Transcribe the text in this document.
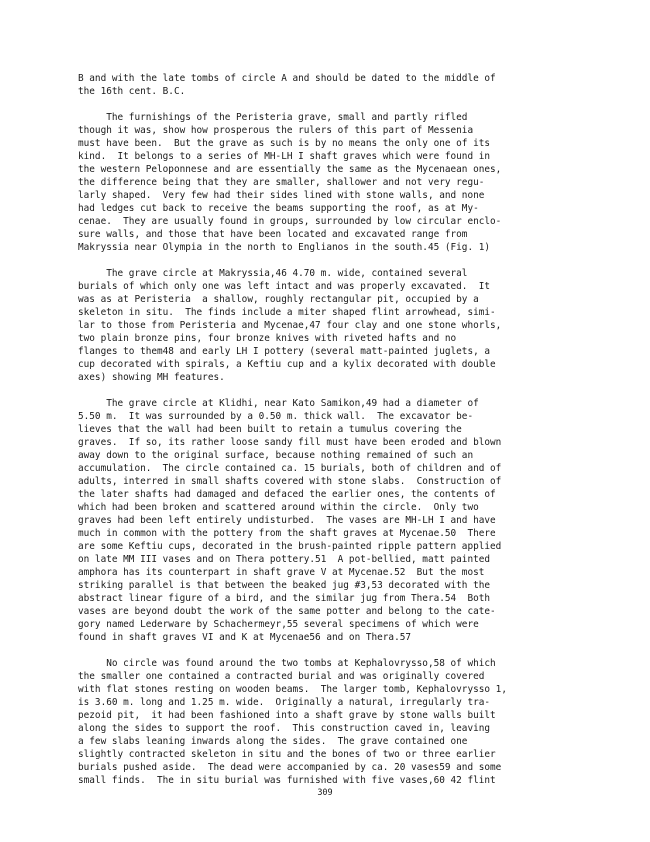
B and with the late tombs of circle A and should be dated to the middle of
the 16th cent. B.C.
The furnishings of the Peristeria grave, small and partly rifled
though it was, show how prosperous the rulers of this part of Messenia
must have been.  But the grave as such is by no means the only one of its
kind.  It belongs to a series of MH-LH I shaft graves which were found in
the western Peloponnese and are essentially the same as the Mycenaean ones,
the difference being that they are smaller, shallower and not very regu-
larly shaped.  Very few had their sides lined with stone walls, and none
had ledges cut back to receive the beams supporting the roof, as at My-
cenae.  They are usually found in groups, surrounded by low circular enclo-
sure walls, and those that have been located and excavated range from
Makryssia near Olympia in the north to Englianos in the south.45 (Fig. 1)
The grave circle at Makryssia,46 4.70 m. wide, contained several
burials of which only one was left intact and was properly excavated.  It
was as at Peristeria  a shallow, roughly rectangular pit, occupied by a
skeleton in situ.  The finds include a miter shaped flint arrowhead, simi-
lar to those from Peristeria and Mycenae,47 four clay and one stone whorls,
two plain bronze pins, four bronze knives with riveted hafts and no
flanges to them48 and early LH I pottery (several matt-painted juglets, a
cup decorated with spirals, a Keftiu cup and a kylix decorated with double
axes) showing MH features.
The grave circle at Klidhi, near Kato Samikon,49 had a diameter of
5.50 m.  It was surrounded by a 0.50 m. thick wall.  The excavator be-
lieves that the wall had been built to retain a tumulus covering the
graves.  If so, its rather loose sandy fill must have been eroded and blown
away down to the original surface, because nothing remained of such an
accumulation.  The circle contained ca. 15 burials, both of children and of
adults, interred in small shafts covered with stone slabs.  Construction of
the later shafts had damaged and defaced the earlier ones, the contents of
which had been broken and scattered around within the circle.  Only two
graves had been left entirely undisturbed.  The vases are MH-LH I and have
much in common with the pottery from the shaft graves at Mycenae.50  There
are some Keftiu cups, decorated in the brush-painted ripple pattern applied
on late MM III vases and on Thera pottery.51  A pot-bellied, matt painted
amphora has its counterpart in shaft grave V at Mycenae.52  But the most
striking parallel is that between the beaked jug #3,53 decorated with the
abstract linear figure of a bird, and the similar jug from Thera.54  Both
vases are beyond doubt the work of the same potter and belong to the cate-
gory named Lederware by Schachermeyr,55 several specimens of which were
found in shaft graves VI and K at Mycenae56 and on Thera.57
No circle was found around the two tombs at Kephalovrysso,58 of which
the smaller one contained a contracted burial and was originally covered
with flat stones resting on wooden beams.  The larger tomb, Kephalovrysso 1,
is 3.60 m. long and 1.25 m. wide.  Originally a natural, irregularly tra-
pezoid pit,  it had been fashioned into a shaft grave by stone walls built
along the sides to support the roof.  This construction caved in, leaving
a few slabs leaning inwards along the sides.  The grave contained one
slightly contracted skeleton in situ and the bones of two or three earlier
burials pushed aside.  The dead were accompanied by ca. 20 vases59 and some
small finds.  The in situ burial was furnished with five vases,60 42 flint
309
